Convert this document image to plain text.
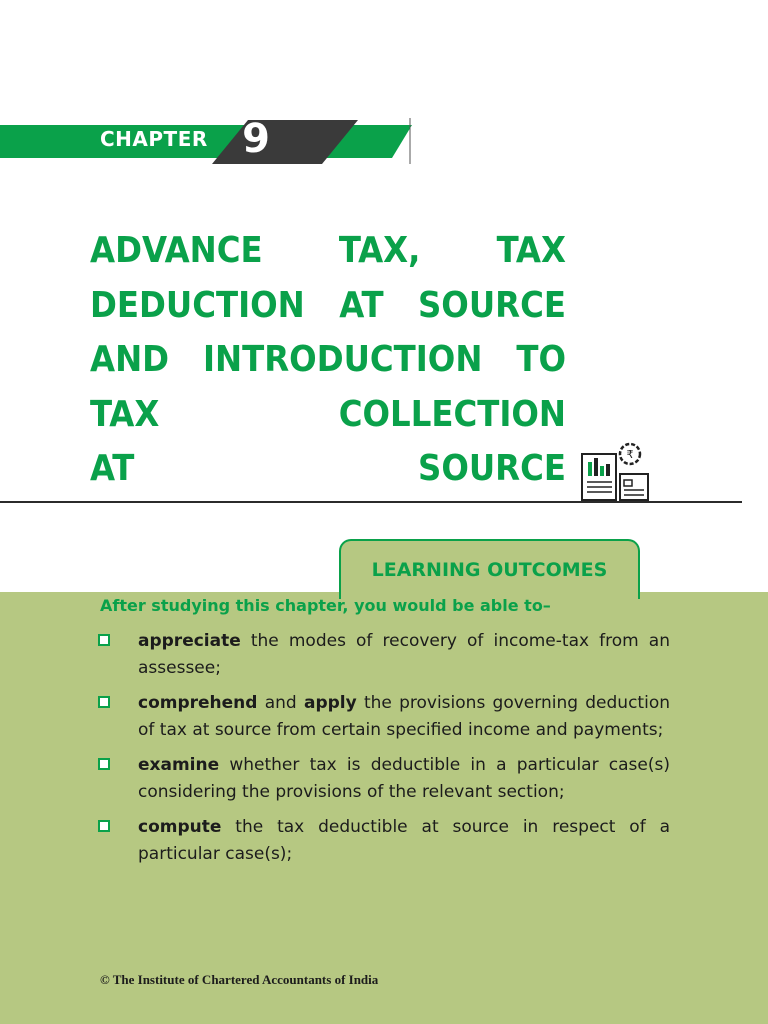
CHAPTER 9
ADVANCE TAX, TAX
DEDUCTION AT SOURCE
AND INTRODUCTION TO
TAX	COLLECTION
AT	SOURCE	₹
LEARNING OUTCOMES
After studying this chapter, you would be able to–
appreciate the modes of recovery of income-tax from an assessee;
comprehend and apply the provisions governing deduction of tax at source from certain specified income and payments;
examine whether tax is deductible in a particular case(s) considering the provisions of the relevant section;
compute the tax deductible at source in respect of a particular case(s);
© The Institute of Chartered Accountants of India
